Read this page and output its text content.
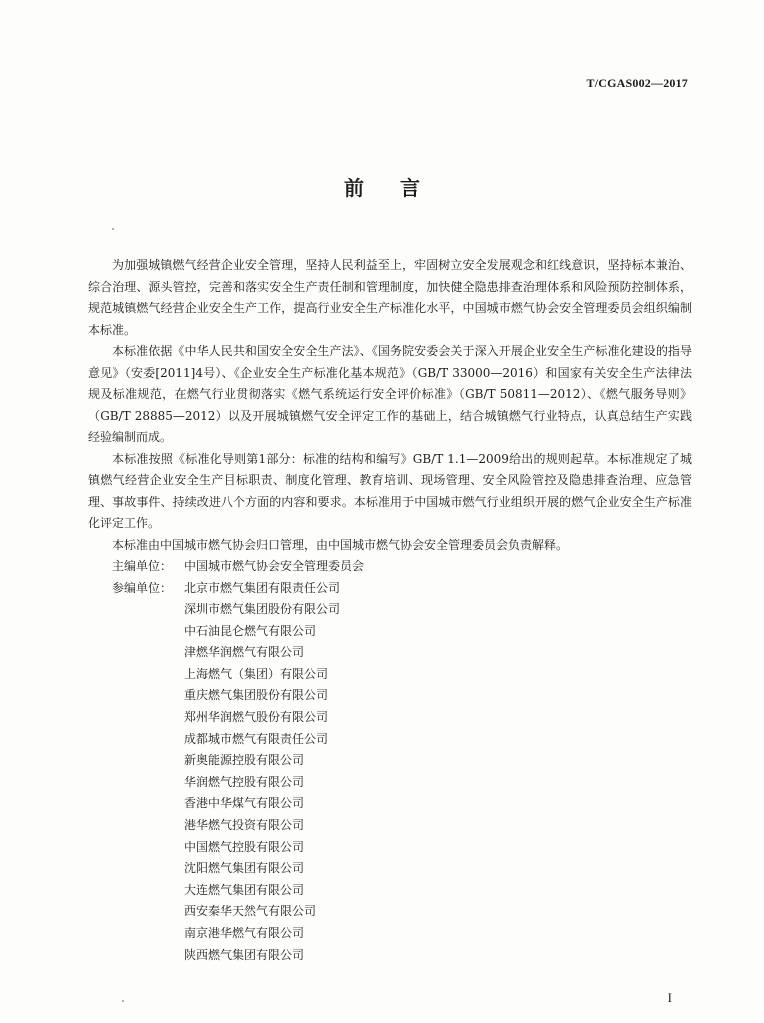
T/CGAS002—2017
前言

为加强城镇燃气经营企业安全管理，坚持人民利益至上，牢固树立安全发展观念和红线意识，坚持标本兼治、综合治理、源头管控，完善和落实安全生产责任制和管理制度，加快健全隐患排查治理体系和风险预防控制体系，规范城镇燃气经营企业安全生产工作，提高行业安全生产标准化水平，中国城市燃气协会安全管理委员会组织编制本标准。

本标准依据《中华人民共和国安全安全生产法》、《国务院安委会关于深入开展企业安全生产标准化建设的指导意见》（安委[2011]4号）、《企业安全生产标准化基本规范》（GB/T 33000—2016）和国家有关安全生产法律法规及标准规范，在燃气行业贯彻落实《燃气系统运行安全评价标准》（GB/T 50811—2012）、《燃气服务导则》（GB/T 28885—2012）以及开展城镇燃气安全评定工作的基础上，结合城镇燃气行业特点，认真总结生产实践经验编制而成。

本标准按照《标准化导则第1部分：标准的结构和编写》GB/T 1.1—2009给出的规则起草。本标准规定了城镇燃气经营企业安全生产目标职责、制度化管理、教育培训、现场管理、安全风险管控及隐患排查治理、应急管理、事故事件、持续改进八个方面的内容和要求。本标准用于中国城市燃气行业组织开展的燃气企业安全生产标准化评定工作。

本标准由中国城市燃气协会归口管理，由中国城市燃气协会安全管理委员会负责解释。

主编单位： 中国城市燃气协会安全管理委员会

参编单位： 北京市燃气集团有限责任公司

深圳市燃气集团股份有限公司
中石油昆仑燃气有限公司
津燃华润燃气有限公司
上海燃气（集团）有限公司
重庆燃气集团股份有限公司
郑州华润燃气股份有限公司
成都城市燃气有限责任公司
新奥能源控股有限公司
华润燃气控股有限公司
香港中华煤气有限公司
港华燃气投资有限公司
中国燃气控股有限公司
沈阳燃气集团有限公司
大连燃气集团有限公司
西安秦华天然气有限公司
南京港华燃气有限公司
陕西燃气集团有限公司
I
